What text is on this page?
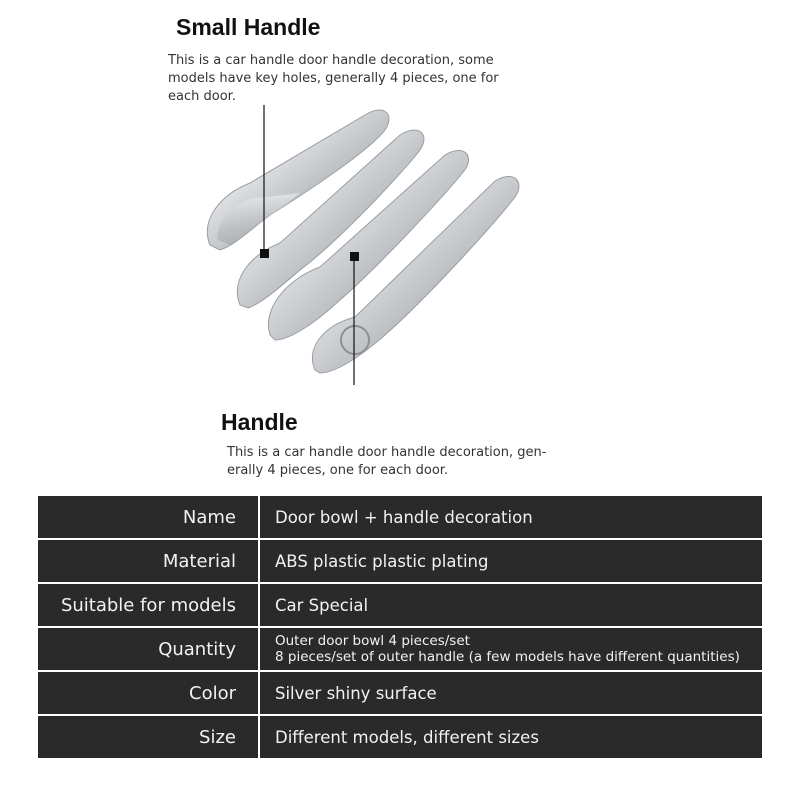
Small Handle

This is a car handle door handle decoration, some models have key holes, generally 4 pieces, one for each door.

Handle

This is a car handle door handle decoration, gen-erally 4 pieces, one for each door.

Name	Door bowl + handle decoration
Material	ABS plastic plastic plating
Suitable for models	Car Special
Quantity	Outer door bowl 4 pieces/set
8 pieces/set of outer handle (a few models have different quantities)
Color	Silver shiny surface
Size	Different models, different sizes
